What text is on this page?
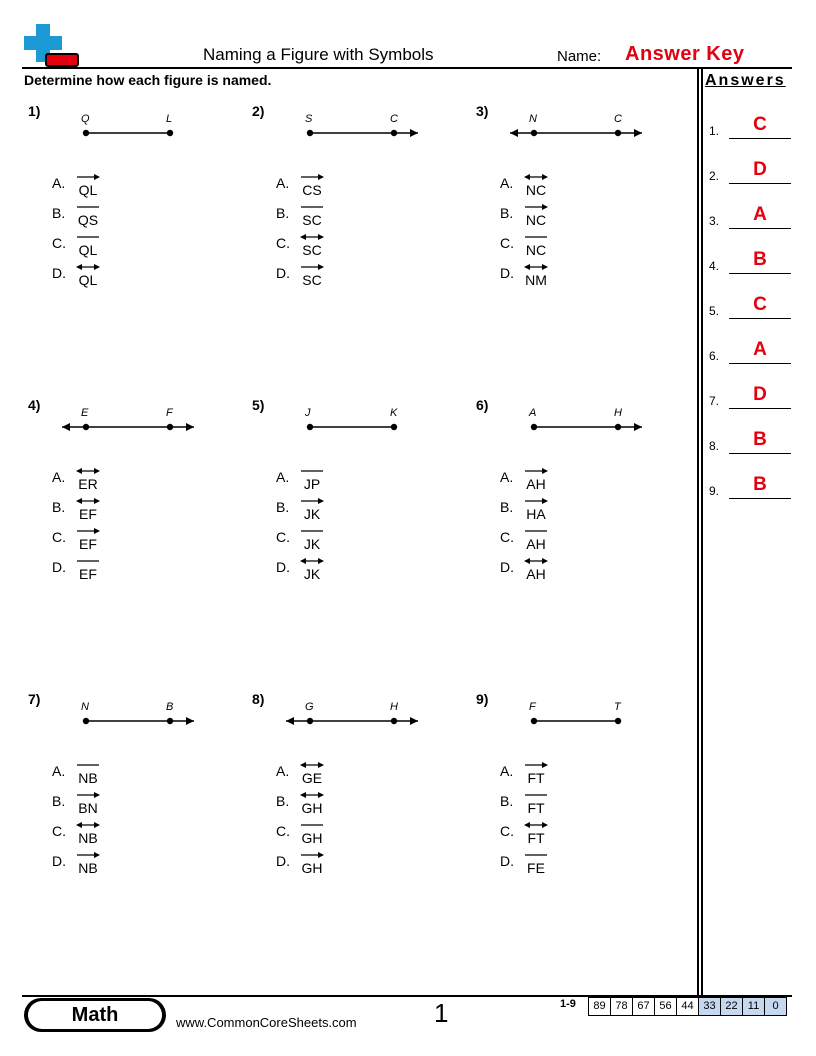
Naming a Figure with Symbols	Name: Answer Key
Determine how each figure is named.	Answers
1.	C
2.	D
3.	A
4.	B
5.	C
6.	A
7.	D
8.	B
9.	B
1)	Q	L
A. QL
B. QS
C. QL
D. QL
2)	S	C
A. CS
B. SC
C. SC
D. SC
3)	N	C
A. NC
B. NC
C. NC
D. NM
4)	E	F
A. ER
B. EF
C. EF
D. EF
5)	J	K
A.	JP
B.	JK
C. JK
D. JK
6)	A	H
A. AH
B. HA
C. AH
D. AH
7)	N	B
A. NB
B. BN
C. NB
D. NB
8)	G	H
A. GE
B. GH
C. GH
D. GH
9)	F	T
A.	FT
B.	FT
C. FT
D. FE
Math	www.CommonCoreSheets.com	1	1-9	89 78 67 56 44 33 22 11	0
